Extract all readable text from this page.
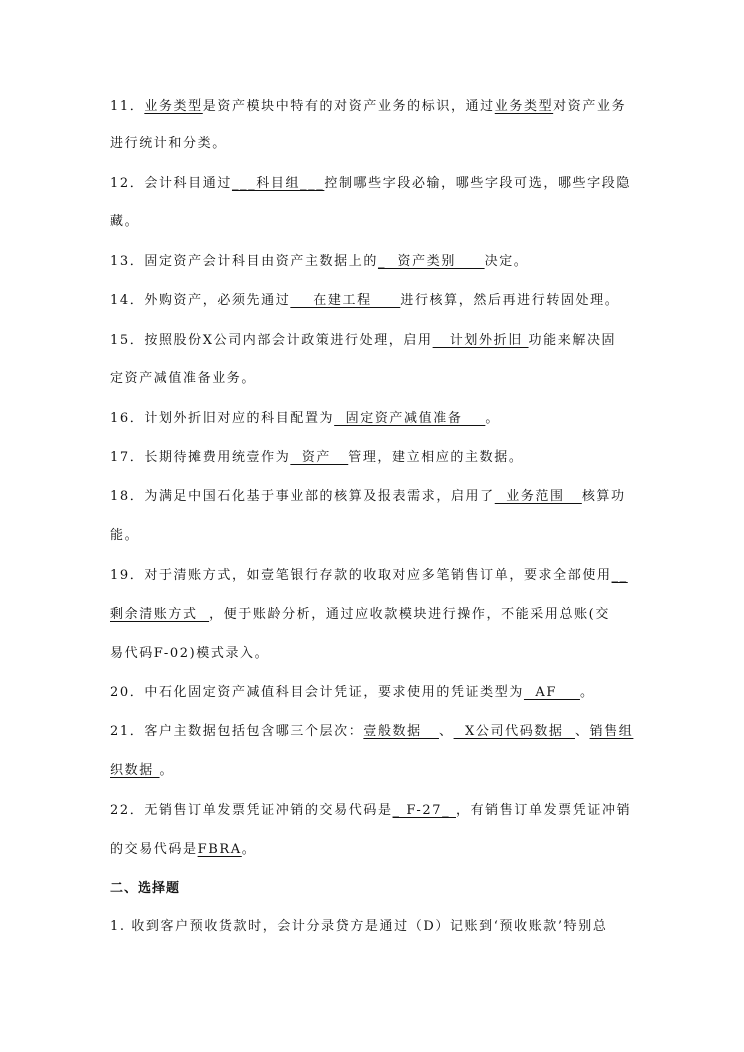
11．业务类型是资产模块中特有的对资产业务的标识，通过业务类型对资产业务
进行统计和分类。
12．会计科目通过___科目组___控制哪些字段必输，哪些字段可选，哪些字段隐
藏。
13．固定资产会计科目由资产主数据上的_  资产类别     决定。
14．外购资产，必须先通过    在建工程     进行核算，然后再进行转固处理。
15．按照股份X公司内部会计政策进行处理，启用   计划外折旧 功能来解决固
定资产减值准备业务。
16．计划外折旧对应的科目配置为  固定资产减值准备    。
17．长期待摊费用统壹作为  资产   管理，建立相应的主数据。
18．为满足中国石化基于事业部的核算及报表需求，启用了  业务范围   核算功
能。
19．对于清账方式，如壹笔银行存款的收取对应多笔销售订单，要求全部使用__
剩余清账方式  ，便于账龄分析，通过应收款模块进行操作，不能采用总账(交
易代码F-02)模式录入。
20．中石化固定资产减值科目会计凭证，要求使用的凭证类型为  AF    。
21．客户主数据包括包含哪三个层次：壹般数据   、  X公司代码数据  、销售组
织数据 。
22．无销售订单发票凭证冲销的交易代码是_ F-27_ ，有销售订单发票凭证冲销
的交易代码是FBRA。
二、选择题
1. 收到客户预收货款时，会计分录贷方是通过（D）记账到‘预收账款’特别总
